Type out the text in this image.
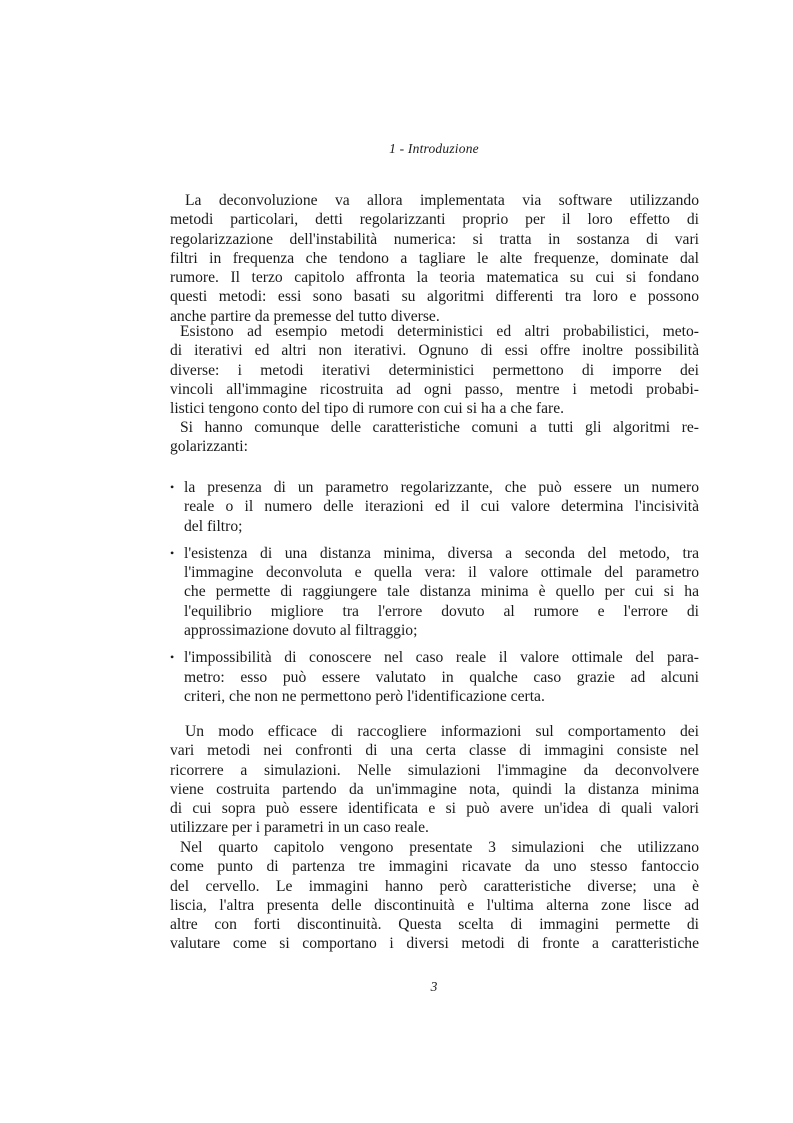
1 - Introduzione
La deconvoluzione va allora implementata via software utilizzando
metodi particolari, detti regolarizzanti proprio per il loro effetto di
regolarizzazione dell'instabilità numerica: si tratta in sostanza di vari
filtri in frequenza che tendono a tagliare le alte frequenze, dominate dal
rumore. Il terzo capitolo affronta la teoria matematica su cui si fondano
questi metodi: essi sono basati su algoritmi differenti tra loro e possono
anche partire da premesse del tutto diverse.
Esistono ad esempio metodi deterministici ed altri probabilistici, meto-
di iterativi ed altri non iterativi. Ognuno di essi offre inoltre possibilità
diverse: i metodi iterativi deterministici permettono di imporre dei
vincoli all'immagine ricostruita ad ogni passo, mentre i metodi probabi-
listici tengono conto del tipo di rumore con cui si ha a che fare.
Si hanno comunque delle caratteristiche comuni a tutti gli algoritmi re-
golarizzanti:
• la presenza di un parametro regolarizzante, che può essere un numero
reale o il numero delle iterazioni ed il cui valore determina l'incisività
del filtro;
• l'esistenza di una distanza minima, diversa a seconda del metodo, tra
l'immagine deconvoluta e quella vera: il valore ottimale del parametro
che permette di raggiungere tale distanza minima è quello per cui si ha
l'equilibrio migliore tra l'errore dovuto al rumore e l'errore di
approssimazione dovuto al filtraggio;
• l'impossibilità di conoscere nel caso reale il valore ottimale del para-
metro: esso può essere valutato in qualche caso grazie ad alcuni
criteri, che non ne permettono però l'identificazione certa.
Un modo efficace di raccogliere informazioni sul comportamento dei
vari metodi nei confronti di una certa classe di immagini consiste nel
ricorrere a simulazioni. Nelle simulazioni l'immagine da deconvolvere
viene costruita partendo da un'immagine nota, quindi la distanza minima
di cui sopra può essere identificata e si può avere un'idea di quali valori
utilizzare per i parametri in un caso reale.
Nel quarto capitolo vengono presentate 3 simulazioni che utilizzano
come punto di partenza tre immagini ricavate da uno stesso fantoccio
del cervello. Le immagini hanno però caratteristiche diverse; una è
liscia, l'altra presenta delle discontinuità e l'ultima alterna zone lisce ad
altre con forti discontinuità. Questa scelta di immagini permette di
valutare come si comportano i diversi metodi di fronte a caratteristiche
3
